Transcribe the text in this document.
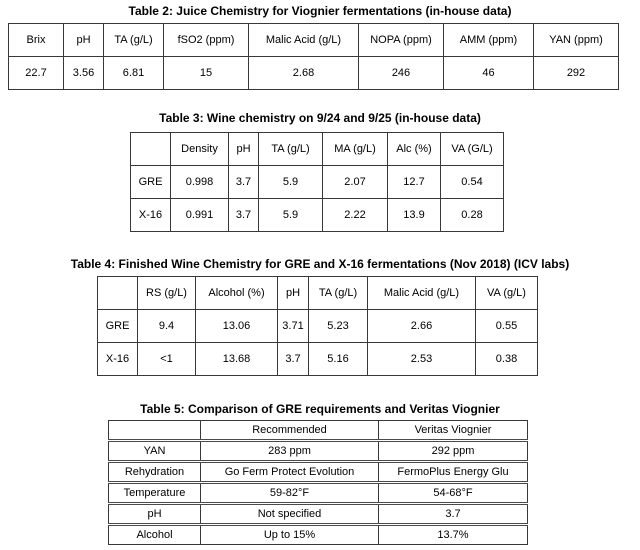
Table 2: Juice Chemistry for Viognier fermentations (in-house data)
Brix	pH	TA (g/L)	fSO2 (ppm)	Malic Acid (g/L)	NOPA (ppm)	AMM (ppm)	YAN (ppm)
22.7	3.56	6.81	15	2.68	246	46	292
Table 3: Wine chemistry on 9/24 and 9/25 (in-house data)
	Density	pH	TA (g/L)	MA (g/L)	Alc (%)	VA (G/L)
GRE	0.998	3.7	5.9	2.07	12.7	0.54
X-16	0.991	3.7	5.9	2.22	13.9	0.28
Table 4: Finished Wine Chemistry for GRE and X-16 fermentations (Nov 2018) (ICV labs)
	RS (g/L)	Alcohol (%)	pH	TA (g/L)	Malic Acid (g/L)	VA (g/L)
GRE	9.4	13.06	3.71	5.23	2.66	0.55
X-16	<1	13.68	3.7	5.16	2.53	0.38
Table 5: Comparison of GRE requirements and Veritas Viognier
	Recommended	Veritas Viognier
YAN	283 ppm	292 ppm
Rehydration	Go Ferm Protect Evolution	FermoPlus Energy Glu
Temperature	59-82°F	54-68°F
pH	Not specified	3.7
Alcohol	Up to 15%	13.7%
